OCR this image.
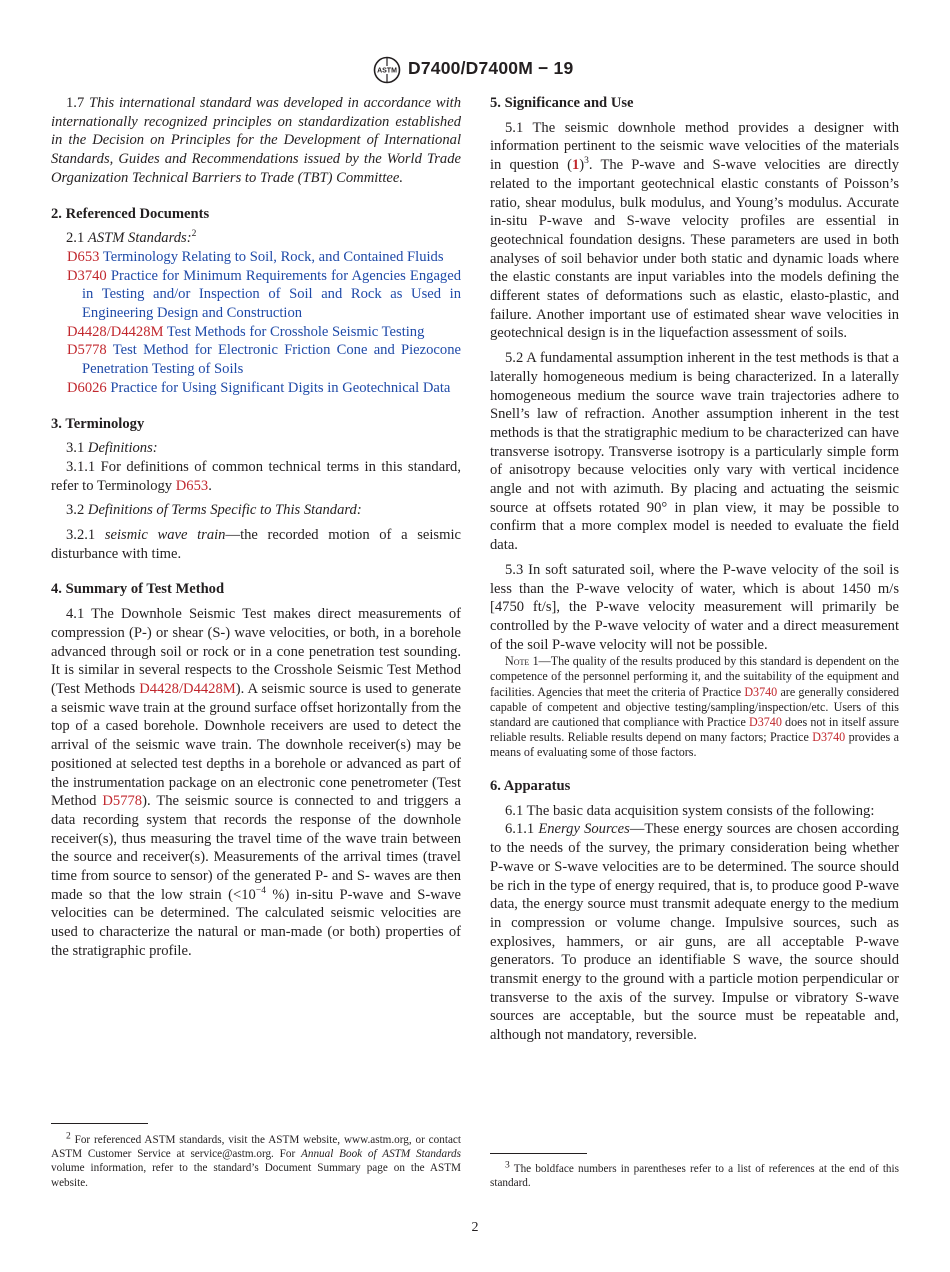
ASTM D7400/D7400M − 19

1.7 This international standard was developed in accordance with internationally recognized principles on standardization established in the Decision on Principles for the Development of International Standards, Guides and Recommendations issued by the World Trade Organization Technical Barriers to Trade (TBT) Committee.

2. Referenced Documents

2.1 ASTM Standards:$^2$

D653 Terminology Relating to Soil, Rock, and Contained Fluids

D3740 Practice for Minimum Requirements for Agencies Engaged in Testing and/or Inspection of Soil and Rock as Used in Engineering Design and Construction

D4428/D4428M Test Methods for Crosshole Seismic Testing

D5778 Test Method for Electronic Friction Cone and Piezocone Penetration Testing of Soils

D6026 Practice for Using Significant Digits in Geotechnical Data

3. Terminology

3.1 Definitions:

3.1.1 For definitions of common technical terms in this standard, refer to Terminology D653.

3.2 Definitions of Terms Specific to This Standard:

3.2.1 seismic wave train—the recorded motion of a seismic disturbance with time.

4. Summary of Test Method

4.1 The Downhole Seismic Test makes direct measurements of compression (P-) or shear (S-) wave velocities, or both, in a borehole advanced through soil or rock or in a cone penetration test sounding. It is similar in several respects to the Crosshole Seismic Test Method (Test Methods D4428/D4428M). A seismic source is used to generate a seismic wave train at the ground surface offset horizontally from the top of a cased borehole. Downhole receivers are used to detect the arrival of the seismic wave train. The downhole receiver(s) may be positioned at selected test depths in a borehole or advanced as part of the instrumentation package on an electronic cone penetrometer (Test Method D5778). The seismic source is connected to and triggers a data recording system that records the response of the downhole receiver(s), thus measuring the travel time of the wave train between the source and receiver(s). Measurements of the arrival times (travel time from source to sensor) of the generated P- and S- waves are then made so that the low strain ($<10^{-4}$ %) in-situ P-wave and S-wave velocities can be determined. The calculated seismic velocities are used to characterize the natural or man-made (or both) properties of the stratigraphic profile.

$^2$ For referenced ASTM standards, visit the ASTM website, www.astm.org, or contact ASTM Customer Service at service@astm.org. For Annual Book of ASTM Standards volume information, refer to the standard’s Document Summary page on the ASTM website.

5. Significance and Use

5.1 The seismic downhole method provides a designer with information pertinent to the seismic wave velocities of the materials in question $(1)^3$. The P-wave and S-wave velocities are directly related to the important geotechnical elastic constants of Poisson’s ratio, shear modulus, bulk modulus, and Young’s modulus. Accurate in-situ P-wave and S-wave velocity profiles are essential in geotechnical foundation designs. These parameters are used in both analyses of soil behavior under both static and dynamic loads where the elastic constants are input variables into the models defining the different states of deformations such as elastic, elasto-plastic, and failure. Another important use of estimated shear wave velocities in geotechnical design is in the liquefaction assessment of soils.

5.2 A fundamental assumption inherent in the test methods is that a laterally homogeneous medium is being characterized. In a laterally homogeneous medium the source wave train trajectories adhere to Snell’s law of refraction. Another assumption inherent in the test methods is that the stratigraphic medium to be characterized can have transverse isotropy. Transverse isotropy is a particularly simple form of anisotropy because velocities only vary with vertical incidence angle and not with azimuth. By placing and actuating the seismic source at offsets rotated 90° in plan view, it may be possible to confirm that a more complex model is needed to evaluate the field data.

5.3 In soft saturated soil, where the P-wave velocity of the soil is less than the P-wave velocity of water, which is about 1450 m/s [4750 ft/s], the P-wave velocity measurement will primarily be controlled by the P-wave velocity of water and a direct measurement of the soil P-wave velocity will not be possible.

Note 1—The quality of the results produced by this standard is dependent on the competence of the personnel performing it, and the suitability of the equipment and facilities. Agencies that meet the criteria of Practice D3740 are generally considered capable of competent and objective testing/sampling/inspection/etc. Users of this standard are cautioned that compliance with Practice D3740 does not in itself assure reliable results. Reliable results depend on many factors; Practice D3740 provides a means of evaluating some of those factors.

6. Apparatus

6.1 The basic data acquisition system consists of the following:

6.1.1 Energy Sources—These energy sources are chosen according to the needs of the survey, the primary consideration being whether P-wave or S-wave velocities are to be determined. The source should be rich in the type of energy required, that is, to produce good P-wave data, the energy source must transmit adequate energy to the medium in compression or volume change. Impulsive sources, such as explosives, hammers, or air guns, are all acceptable P-wave generators. To produce an identifiable S wave, the source should transmit energy to the ground with a particle motion perpendicular or transverse to the axis of the survey. Impulse or vibratory S-wave sources are acceptable, but the source must be repeatable and, although not mandatory, reversible.

$^3$ The boldface numbers in parentheses refer to a list of references at the end of this standard.

2
